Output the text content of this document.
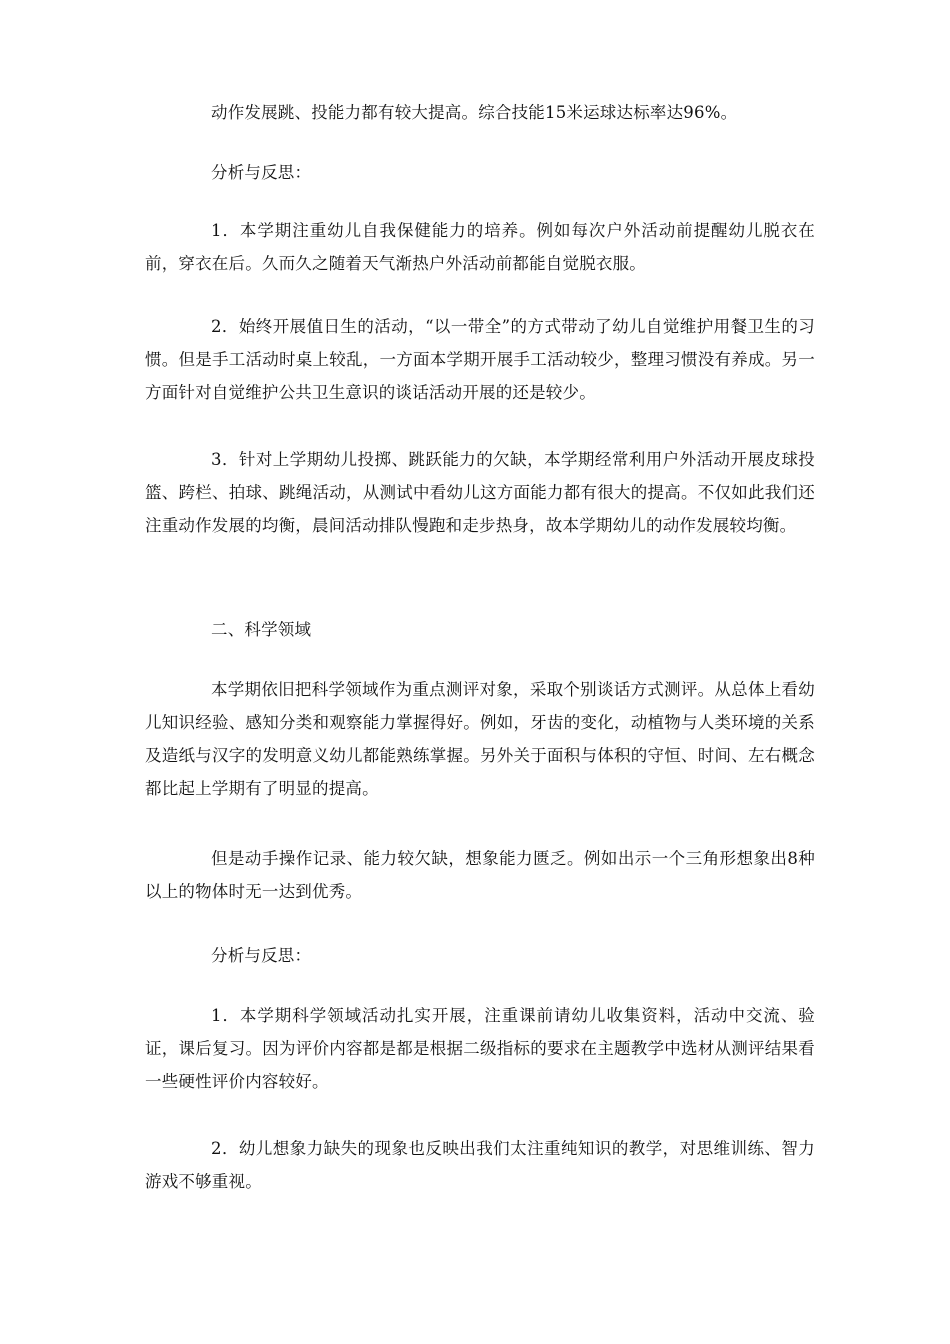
动作发展跳、投能力都有较大提高。综合技能15米运球达标率达96%。

分析与反思：

1．本学期注重幼儿自我保健能力的培养。例如每次户外活动前提醒幼儿脱衣在前，穿衣在后。久而久之随着天气渐热户外活动前都能自觉脱衣服。

2．始终开展值日生的活动，“以一带全”的方式带动了幼儿自觉维护用餐卫生的习惯。但是手工活动时桌上较乱，一方面本学期开展手工活动较少，整理习惯没有养成。另一方面针对自觉维护公共卫生意识的谈话活动开展的还是较少。

3．针对上学期幼儿投掷、跳跃能力的欠缺，本学期经常利用户外活动开展皮球投篮、跨栏、拍球、跳绳活动，从测试中看幼儿这方面能力都有很大的提高。不仅如此我们还注重动作发展的均衡，晨间活动排队慢跑和走步热身，故本学期幼儿的动作发展较均衡。

二、科学领域

本学期依旧把科学领域作为重点测评对象，采取个别谈话方式测评。从总体上看幼儿知识经验、感知分类和观察能力掌握得好。例如，牙齿的变化，动植物与人类环境的关系及造纸与汉字的发明意义幼儿都能熟练掌握。另外关于面积与体积的守恒、时间、左右概念都比起上学期有了明显的提高。

但是动手操作记录、能力较欠缺，想象能力匮乏。例如出示一个三角形想象出8种以上的物体时无一达到优秀。

分析与反思：

1．本学期科学领域活动扎实开展，注重课前请幼儿收集资料，活动中交流、验证，课后复习。因为评价内容都是都是根据二级指标的要求在主题教学中选材从测评结果看一些硬性评价内容较好。

2．幼儿想象力缺失的现象也反映出我们太注重纯知识的教学，对思维训练、智力游戏不够重视。
